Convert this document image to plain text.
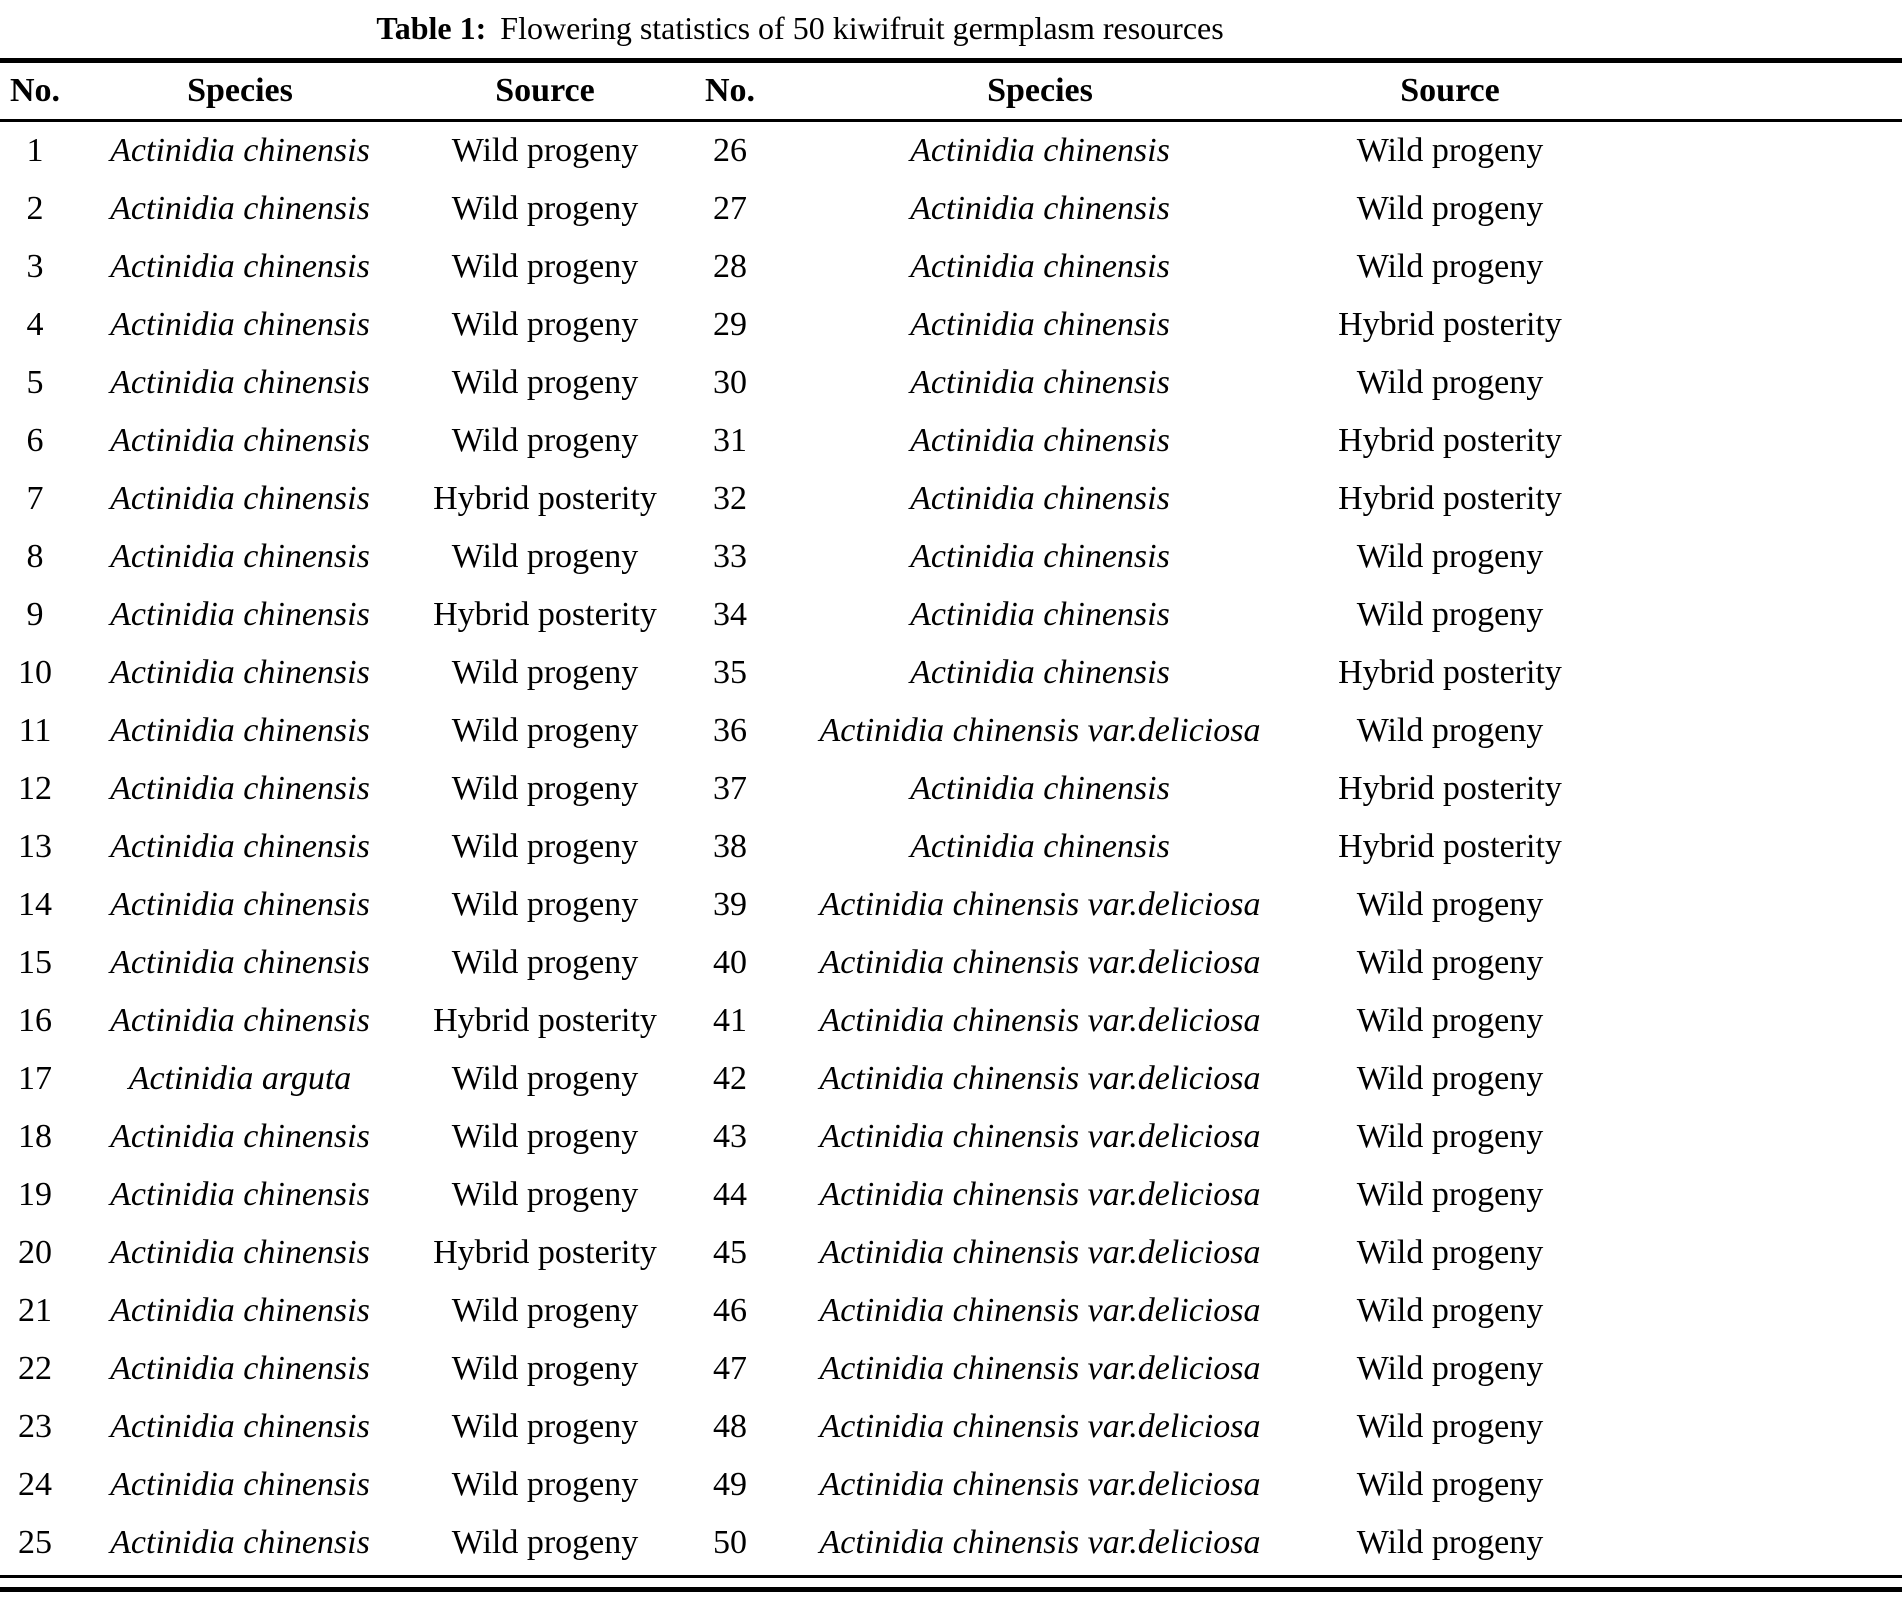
Table 1: Flowering statistics of 50 kiwifruit germplasm resources
No.	Species	Source	No.	Species	Source
1	Actinidia chinensis	Wild progeny	26	Actinidia chinensis	Wild progeny
2	Actinidia chinensis	Wild progeny	27	Actinidia chinensis	Wild progeny
3	Actinidia chinensis	Wild progeny	28	Actinidia chinensis	Wild progeny
4	Actinidia chinensis	Wild progeny	29	Actinidia chinensis	Hybrid posterity
5	Actinidia chinensis	Wild progeny	30	Actinidia chinensis	Wild progeny
6	Actinidia chinensis	Wild progeny	31	Actinidia chinensis	Hybrid posterity
7	Actinidia chinensis	Hybrid posterity	32	Actinidia chinensis	Hybrid posterity
8	Actinidia chinensis	Wild progeny	33	Actinidia chinensis	Wild progeny
9	Actinidia chinensis	Hybrid posterity	34	Actinidia chinensis	Wild progeny
10	Actinidia chinensis	Wild progeny	35	Actinidia chinensis	Hybrid posterity
11	Actinidia chinensis	Wild progeny	36	Actinidia chinensis var.deliciosa	Wild progeny
12	Actinidia chinensis	Wild progeny	37	Actinidia chinensis	Hybrid posterity
13	Actinidia chinensis	Wild progeny	38	Actinidia chinensis	Hybrid posterity
14	Actinidia chinensis	Wild progeny	39	Actinidia chinensis var.deliciosa	Wild progeny
15	Actinidia chinensis	Wild progeny	40	Actinidia chinensis var.deliciosa	Wild progeny
16	Actinidia chinensis	Hybrid posterity	41	Actinidia chinensis var.deliciosa	Wild progeny
17	Actinidia arguta	Wild progeny	42	Actinidia chinensis var.deliciosa	Wild progeny
18	Actinidia chinensis	Wild progeny	43	Actinidia chinensis var.deliciosa	Wild progeny
19	Actinidia chinensis	Wild progeny	44	Actinidia chinensis var.deliciosa	Wild progeny
20	Actinidia chinensis	Hybrid posterity	45	Actinidia chinensis var.deliciosa	Wild progeny
21	Actinidia chinensis	Wild progeny	46	Actinidia chinensis var.deliciosa	Wild progeny
22	Actinidia chinensis	Wild progeny	47	Actinidia chinensis var.deliciosa	Wild progeny
23	Actinidia chinensis	Wild progeny	48	Actinidia chinensis var.deliciosa	Wild progeny
24	Actinidia chinensis	Wild progeny	49	Actinidia chinensis var.deliciosa	Wild progeny
25	Actinidia chinensis	Wild progeny	50	Actinidia chinensis var.deliciosa	Wild progeny
